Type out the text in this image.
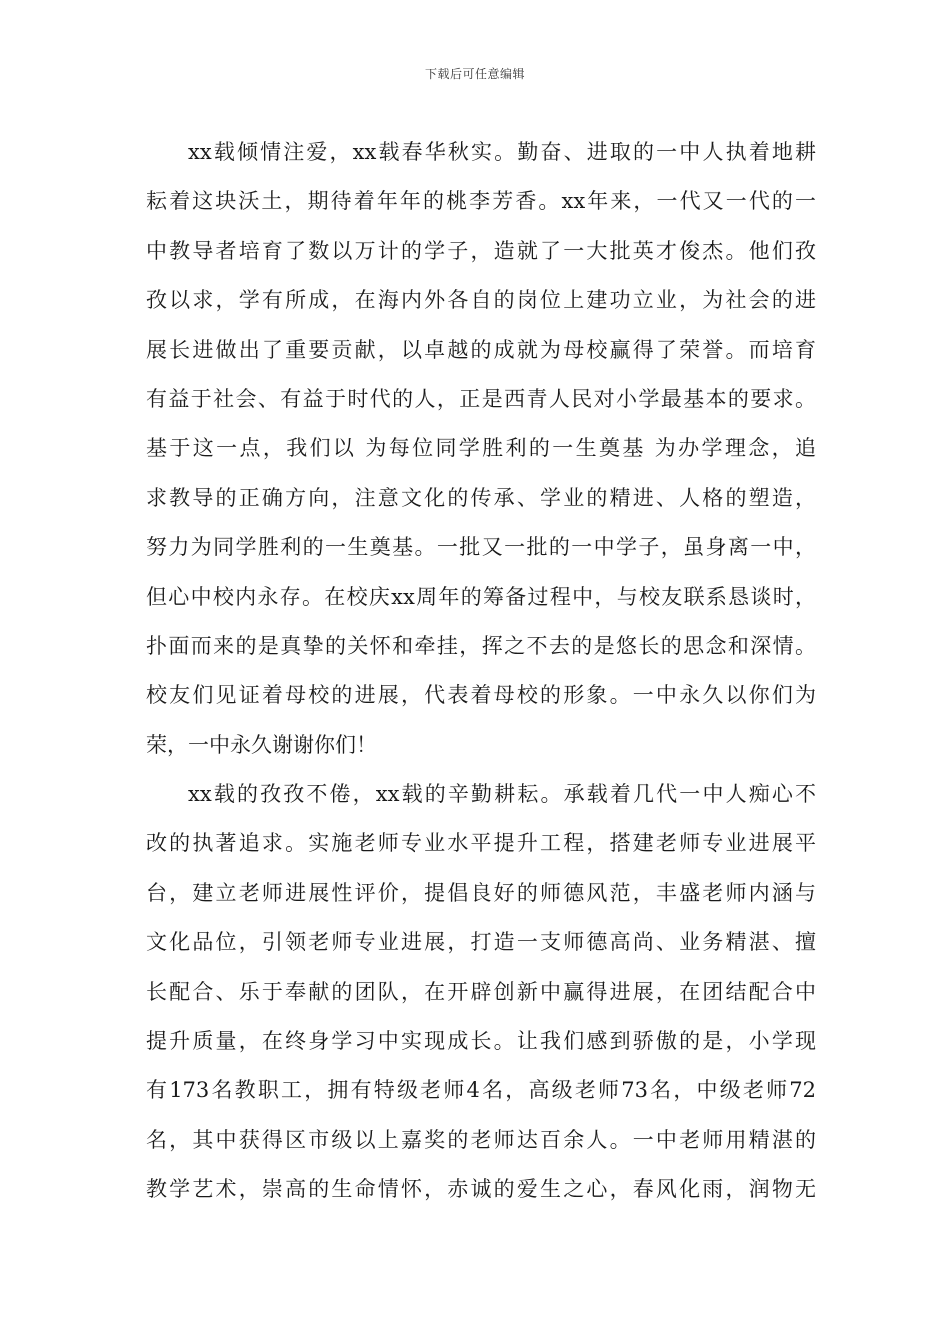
下载后可任意编辑
xx载倾情注爱，xx载春华秋实。勤奋、进取的一中人执着地耕
耘着这块沃土，期待着年年的桃李芳香。xx年来，一代又一代的一
中教导者培育了数以万计的学子，造就了一大批英才俊杰。他们孜
孜以求，学有所成，在海内外各自的岗位上建功立业，为社会的进
展长进做出了重要贡献，以卓越的成就为母校赢得了荣誉。而培育
有益于社会、有益于时代的人，正是西青人民对小学最基本的要求。
基于这一点，我们以 为每位同学胜利的一生奠基 为办学理念，追
求教导的正确方向，注意文化的传承、学业的精进、人格的塑造，
努力为同学胜利的一生奠基。一批又一批的一中学子，虽身离一中，
但心中校内永存。在校庆xx周年的筹备过程中，与校友联系恳谈时，
扑面而来的是真挚的关怀和牵挂，挥之不去的是悠长的思念和深情。
校友们见证着母校的进展，代表着母校的形象。一中永久以你们为
荣，一中永久谢谢你们！
xx载的孜孜不倦，xx载的辛勤耕耘。承载着几代一中人痴心不
改的执著追求。实施老师专业水平提升工程，搭建老师专业进展平
台，建立老师进展性评价，提倡良好的师德风范，丰盛老师内涵与
文化品位，引领老师专业进展，打造一支师德高尚、业务精湛、擅
长配合、乐于奉献的团队，在开辟创新中赢得进展，在团结配合中
提升质量，在终身学习中实现成长。让我们感到骄傲的是，小学现
有173名教职工，拥有特级老师4名，高级老师73名，中级老师72
名，其中获得区市级以上嘉奖的老师达百余人。一中老师用精湛的
教学艺术，崇高的生命情怀，赤诚的爱生之心，春风化雨，润物无
